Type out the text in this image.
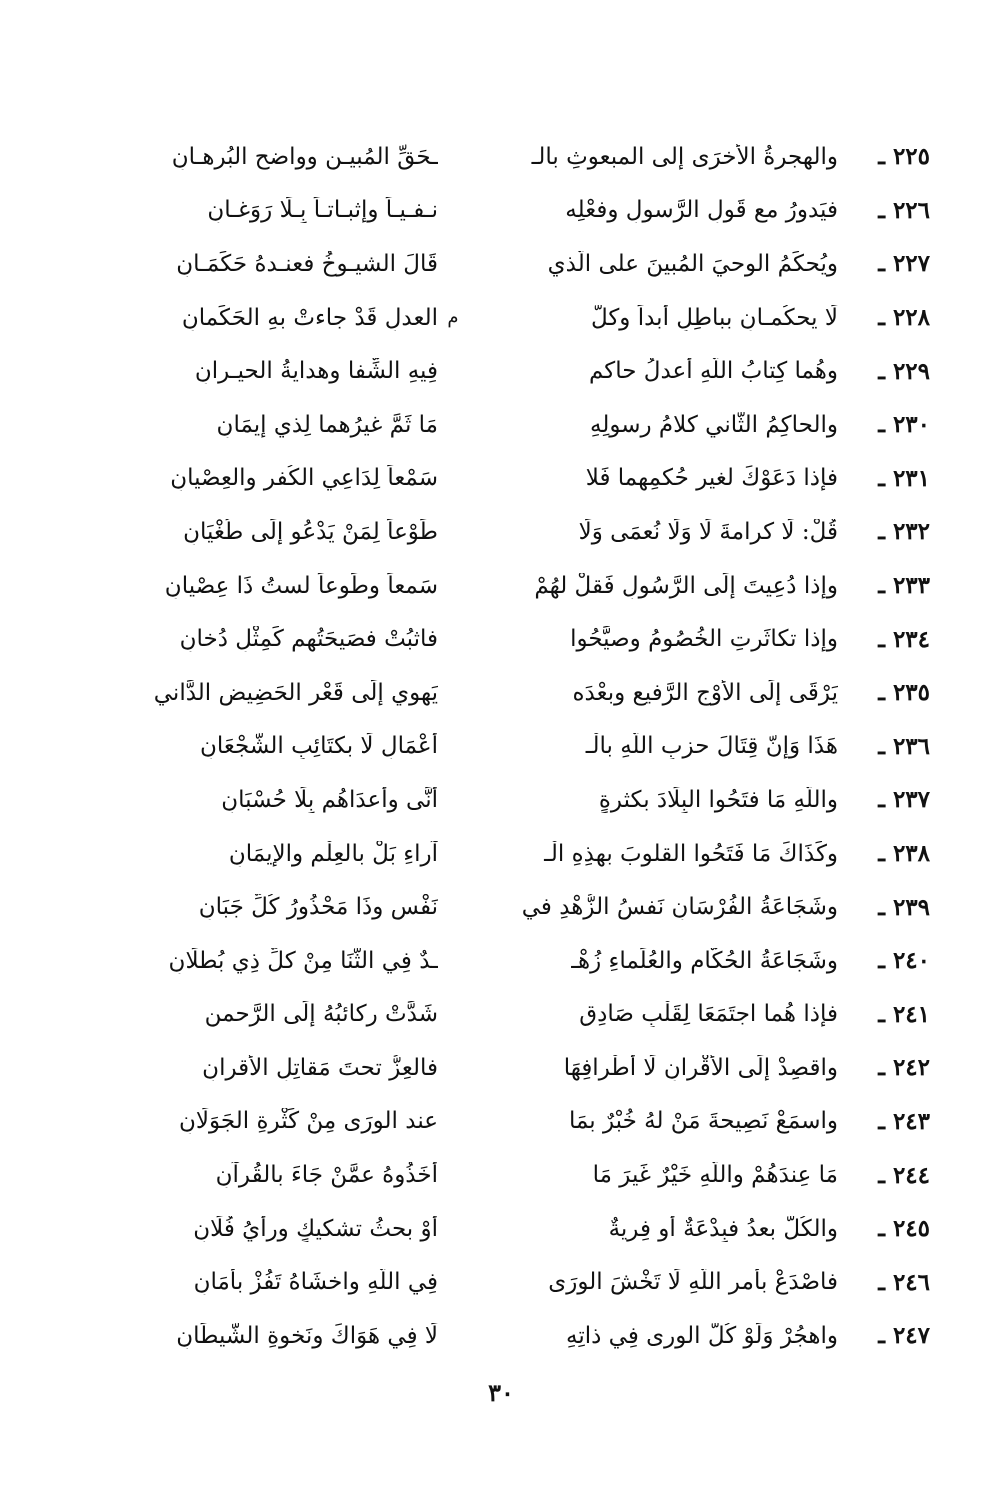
٢٢٥ ـ
والهجرةُ الأخرَى إلى المبعوثِ بالـ
ـحَقِّ المُبيـنِ وواضحِ البُرهـانِ
٢٢٦ ـ
فيَدورُ مع قَولِ الرَّسولِ وفعْلِه
نـفـيـاً وإثبـاتـاً بِـلَا رَوَغـانِ
٢٢٧ ـ
ويُحكِّمُ الوحيَ المُبينَ على الَّذي
قَالَ الشيـوخُ فعنـدهُ حَكَمَـانِ
٢٢٨ ـ
لَا يحكُمـانِ بباطِلٍ أبداً وكلُّ
م
العدلِ قَدْ جاءتْ بهِ الحَكَمانِ
٢٢٩ ـ
وهُما كِتابُ اللَّهِ أعدلُ حاكمٍ
فِيهِ الشِّفا وهدايةُ الحيـرانِ
٢٣٠ ـ
والحاكِمُ الثَّاني كلامُ رسولِهِ
مَا ثَمَّ غيرُهما لِذي إيمَانِ
٢٣١ ـ
فإذا دَعَوْكَ لغيرِ حُكمِهِما فَلا
سَمْعاً لِدَاعِي الكُفرِ والعِصْيانِ
٢٣٢ ـ
قُلْ: لَا كرامةَ لَا وَلَا نُعمَى وَلَا
طَوْعاً لِمَنْ يَدْعُو إِلَى طُغْيَانِ
٢٣٣ ـ
وإذا دُعِيتَ إِلَى الرَّسُولِ فَقلْ لهُمْ
سَمعاً وطَوعاً لستُ ذَا عِصْيانِ
٢٣٤ ـ
وإذا تكاثَرتِ الخُصُومُ وصيَّحُوا
فاثبُتْ فصَيحَتُهم كَمِثْلِ دُخانِ
٢٣٥ ـ
يَرْقَى إِلَى الأوْجِ الرَّفيعِ وبعْدَه
يَهوِي إِلَى قَعْرِ الحَضِيضِ الدَّاني
٢٣٦ ـ
هَذَا وَإنّ قِتَالَ حزبِ اللَّهِ بالْـ
أعْمَالِ لَا بكتَائِبِ الشُّجْعَانِ
٢٣٧ ـ
واللَّهِ مَا فتَحُوا البِلَادَ بكثرةٍ
أنَّى وأعدَاهُم بِلَا حُسْبَانِ
٢٣٨ ـ
وكَذَاكَ مَا فَتَحُوا القلوبَ بهذِهِ الْـ
آراءِ بَلْ بالعِلْمِ والإيمَانِ
٢٣٩ ـ
وشَجَاعَةُ الفُرْسَانِ نَفسُ الزُّهْدِ في
نَفْسٍ وذَا مَحْذُورُ كُلِّ جَبَانِ
٢٤٠ ـ
وشَجَاعَةُ الحُكّامِ والعُلَماءِ زُهْـ
ـدٌ فِي الثَّنَا مِنْ كلِّ ذِي بُطلَانِ
٢٤١ ـ
فإذا هُما اجتَمَعَا لِقَلْبِ صَادِقٍ
شَدَّتْ ركائبُهُ إِلَى الرَّحمنِ
٢٤٢ ـ
واقصِدْ إِلَى الأقْرانِ لَا أطْرافِهَا
فالعِزُّ تحتَ مَقاتِلِ الأقرانِ
٢٤٣ ـ
واسمَعْ نَصِيحةَ مَنْ لهُ خُبْرٌ بمَا
عند الورَى مِنْ كَثْرةِ الجَوَلَانِ
٢٤٤ ـ
مَا عِندَهُمْ واللَّهِ خَيْرٌ غَيرَ مَا
أخَذُوهُ عمَّنْ جَاءَ بالقُرآنِ
٢٤٥ ـ
والكُلُّ بعدُ فبِدْعَةٌ أو فِريةٌ
أوْ بحثُ تشكيكٍ ورأيُ فُلَانِ
٢٤٦ ـ
فاصْدَعْ بأمرِ اللَّهِ لَا تَخْشَ الورَى
فِي اللَّهِ واخشَاهُ تَفُزْ بأمَانِ
٢٤٧ ـ
واهجُرْ وَلَوْ كُلَّ الورى فِي ذاتِهِ
لَا فِي هَوَاكَ ونَخوةِ الشَّيطَانِ
٣٠
